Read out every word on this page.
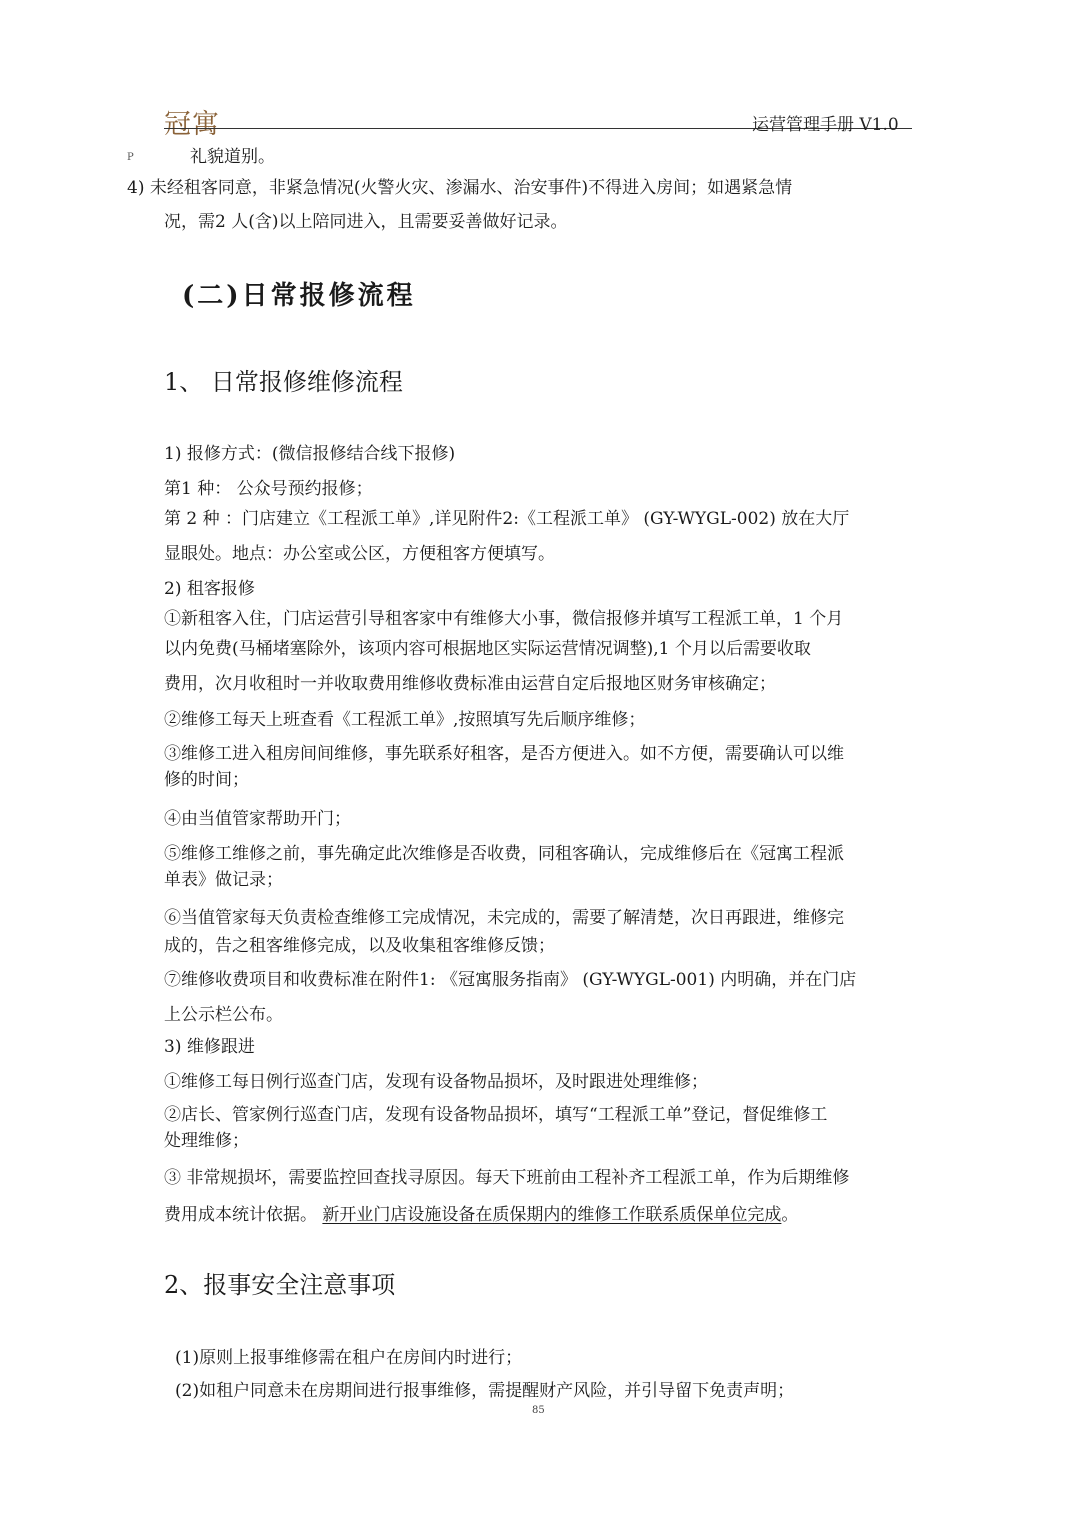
冠寓	运营管理手册 V1.0
P	礼貌道别。
4) 未经租客同意，非紧急情况(火警火灾、渗漏水、治安事件)不得进入房间；如遇紧急情
况，需2 人(含)以上陪同进入，且需要妥善做好记录。
(二)日常报修流程
1、 日常报修维修流程
1) 报修方式：(微信报修结合线下报修)
第1 种： 公众号预约报修；
第 2 种 ：门店建立《工程派工单》,详见附件2:《工程派工单》 (GY-WYGL-002) 放在大厅
显眼处。地点：办公室或公区，方便租客方便填写。
2) 租客报修
①新租客入住，门店运营引导租客家中有维修大小事，微信报修并填写工程派工单，1 个月
以内免费(马桶堵塞除外，该项内容可根据地区实际运营情况调整),1 个月以后需要收取
费用，次月收租时一并收取费用维修收费标准由运营自定后报地区财务审核确定；
②维修工每天上班查看《工程派工单》,按照填写先后顺序维修；
③维修工进入租房间间维修，事先联系好租客，是否方便进入。如不方便，需要确认可以维
修的时间；
④由当值管家帮助开门；
⑤维修工维修之前，事先确定此次维修是否收费，同租客确认，完成维修后在《冠寓工程派
单表》做记录；
⑥当值管家每天负责检查维修工完成情况，未完成的，需要了解清楚，次日再跟进，维修完
成的，告之租客维修完成，以及收集租客维修反馈；
⑦维修收费项目和收费标准在附件1: 《冠寓服务指南》 (GY-WYGL-001) 内明确，并在门店
上公示栏公布。
3) 维修跟进
①维修工每日例行巡查门店，发现有设备物品损坏，及时跟进处理维修；
②店长、管家例行巡查门店，发现有设备物品损坏，填写“工程派工单”登记，督促维修工
处理维修；
③ 非常规损坏，需要监控回查找寻原因。每天下班前由工程补齐工程派工单，作为后期维修
费用成本统计依据。 新开业门店设施设备在质保期内的维修工作联系质保单位完成。
2、报事安全注意事项
(1)原则上报事维修需在租户在房间内时进行；
(2)如租户同意未在房期间进行报事维修，需提醒财产风险，并引导留下免责声明；
85
